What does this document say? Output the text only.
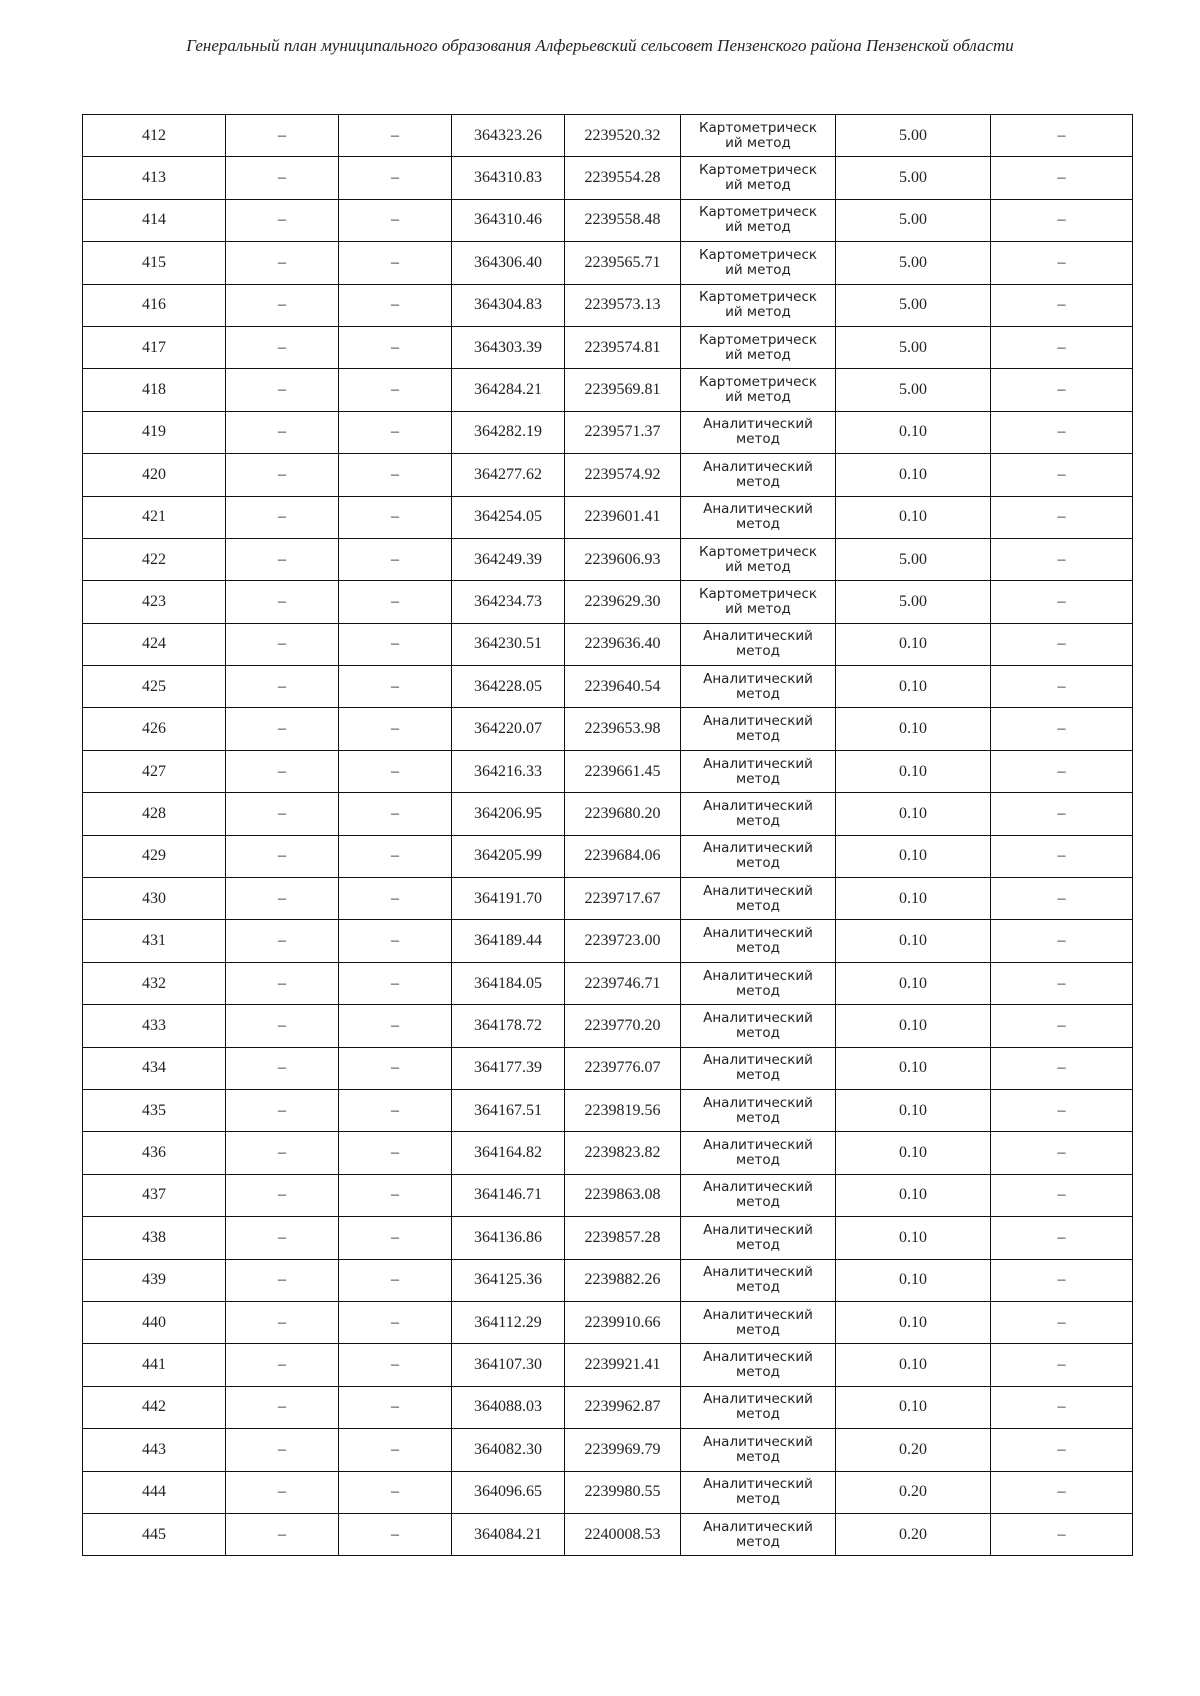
Генеральный план муниципального образования Алферьевский сельсовет Пензенского района Пензенской области
412	–	–	364323.26	2239520.32	Картометрическ ий метод	5.00	–
413	–	–	364310.83	2239554.28	Картометрическ ий метод	5.00	–
414	–	–	364310.46	2239558.48	Картометрическ ий метод	5.00	–
415	–	–	364306.40	2239565.71	Картометрическ ий метод	5.00	–
416	–	–	364304.83	2239573.13	Картометрическ ий метод	5.00	–
417	–	–	364303.39	2239574.81	Картометрическ ий метод	5.00	–
418	–	–	364284.21	2239569.81	Картометрическ ий метод	5.00	–
419	–	–	364282.19	2239571.37	Аналитический метод	0.10	–
420	–	–	364277.62	2239574.92	Аналитический метод	0.10	–
421	–	–	364254.05	2239601.41	Аналитический метод	0.10	–
422	–	–	364249.39	2239606.93	Картометрическ ий метод	5.00	–
423	–	–	364234.73	2239629.30	Картометрическ ий метод	5.00	–
424	–	–	364230.51	2239636.40	Аналитический метод	0.10	–
425	–	–	364228.05	2239640.54	Аналитический метод	0.10	–
426	–	–	364220.07	2239653.98	Аналитический метод	0.10	–
427	–	–	364216.33	2239661.45	Аналитический метод	0.10	–
428	–	–	364206.95	2239680.20	Аналитический метод	0.10	–
429	–	–	364205.99	2239684.06	Аналитический метод	0.10	–
430	–	–	364191.70	2239717.67	Аналитический метод	0.10	–
431	–	–	364189.44	2239723.00	Аналитический метод	0.10	–
432	–	–	364184.05	2239746.71	Аналитический метод	0.10	–
433	–	–	364178.72	2239770.20	Аналитический метод	0.10	–
434	–	–	364177.39	2239776.07	Аналитический метод	0.10	–
435	–	–	364167.51	2239819.56	Аналитический метод	0.10	–
436	–	–	364164.82	2239823.82	Аналитический метод	0.10	–
437	–	–	364146.71	2239863.08	Аналитический метод	0.10	–
438	–	–	364136.86	2239857.28	Аналитический метод	0.10	–
439	–	–	364125.36	2239882.26	Аналитический метод	0.10	–
440	–	–	364112.29	2239910.66	Аналитический метод	0.10	–
441	–	–	364107.30	2239921.41	Аналитический метод	0.10	–
442	–	–	364088.03	2239962.87	Аналитический метод	0.10	–
443	–	–	364082.30	2239969.79	Аналитический метод	0.20	–
444	–	–	364096.65	2239980.55	Аналитический метод	0.20	–
445	–	–	364084.21	2240008.53	Аналитический метод	0.20	–
